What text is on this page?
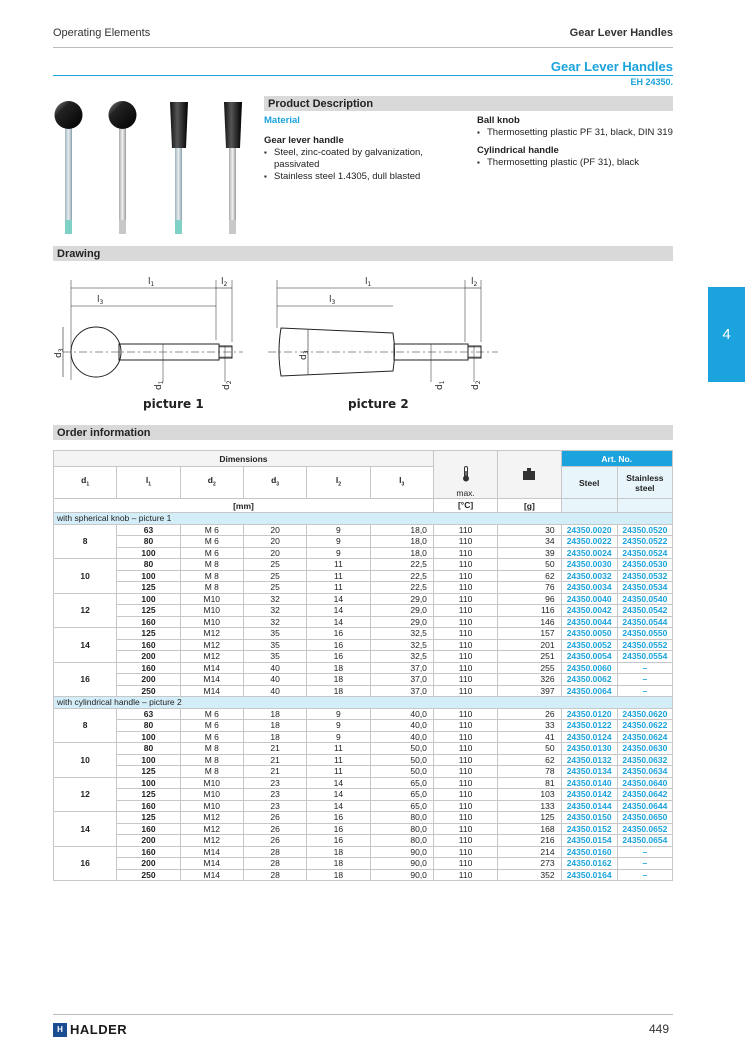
Operating Elements	Gear Lever Handles
Gear Lever Handles
EH 24350.
4
Product Description
Material
Gear lever handle
▪ Steel, zinc-coated by galvanization, passivated
▪ Stainless steel 1.4305, dull blasted
Ball knob
▪ Thermosetting plastic PF 31, black, DIN 319
Cylindrical handle
▪ Thermosetting plastic (PF 31), black
Drawing
$l_1$	$l_2$
$l_3$
$d_3$
$d_1$
$d_2$
$l_1$	$l_2$
$l_3$
$d_3$
$d_1$
$d_2$
picture 1	picture 2
Order information
Dimensions								Art. No.	
$d_1$	$l_1$	$d_2$	$d_3$	$l_2$	$l_3$			Steel	Stainless steel
[mm]						max.
[°C]	[g]		
with spherical knob – picture 1									
8	63	M 6	20	9	18,0	110	30	24350.0020	24350.0520
	80	M 6	20	9	18,0	110	34	24350.0022	24350.0522
	100	M 6	20	9	18,0	110	39	24350.0024	24350.0524
10	80	M 8	25	11	22,5	110	50	24350.0030	24350.0530
	100	M 8	25	11	22,5	110	62	24350.0032	24350.0532
	125	M 8	25	11	22,5	110	76	24350.0034	24350.0534
12	100	M10	32	14	29,0	110	96	24350.0040	24350.0540
	125	M10	32	14	29,0	110	116	24350.0042	24350.0542
	160	M10	32	14	29,0	110	146	24350.0044	24350.0544
14	125	M12	35	16	32,5	110	157	24350.0050	24350.0550
	160	M12	35	16	32,5	110	201	24350.0052	24350.0552
	200	M12	35	16	32,5	110	251	24350.0054	24350.0554
16	160	M14	40	18	37,0	110	255	24350.0060	–
	200	M14	40	18	37,0	110	326	24350.0062	–
	250	M14	40	18	37,0	110	397	24350.0064	–
with cylindrical handle – picture 2									
8	63	M 6	18	9	40,0	110	26	24350.0120	24350.0620
	80	M 6	18	9	40,0	110	33	24350.0122	24350.0622
	100	M 6	18	9	40,0	110	41	24350.0124	24350.0624
10	80	M 8	21	11	50,0	110	50	24350.0130	24350.0630
	100	M 8	21	11	50,0	110	62	24350.0132	24350.0632
	125	M 8	21	11	50,0	110	78	24350.0134	24350.0634
12	100	M10	23	14	65,0	110	81	24350.0140	24350.0640
	125	M10	23	14	65,0	110	103	24350.0142	24350.0642
	160	M10	23	14	65,0	110	133	24350.0144	24350.0644
14	125	M12	26	16	80,0	110	125	24350.0150	24350.0650
	160	M12	26	16	80,0	110	168	24350.0152	24350.0652
	200	M12	26	16	80,0	110	216	24350.0154	24350.0654
16	160	M14	28	18	90,0	110	214	24350.0160	–
	200	M14	28	18	90,0	110	273	24350.0162	–
	250	M14	28	18	90,0	110	352	24350.0164	–
H HALDER	449
